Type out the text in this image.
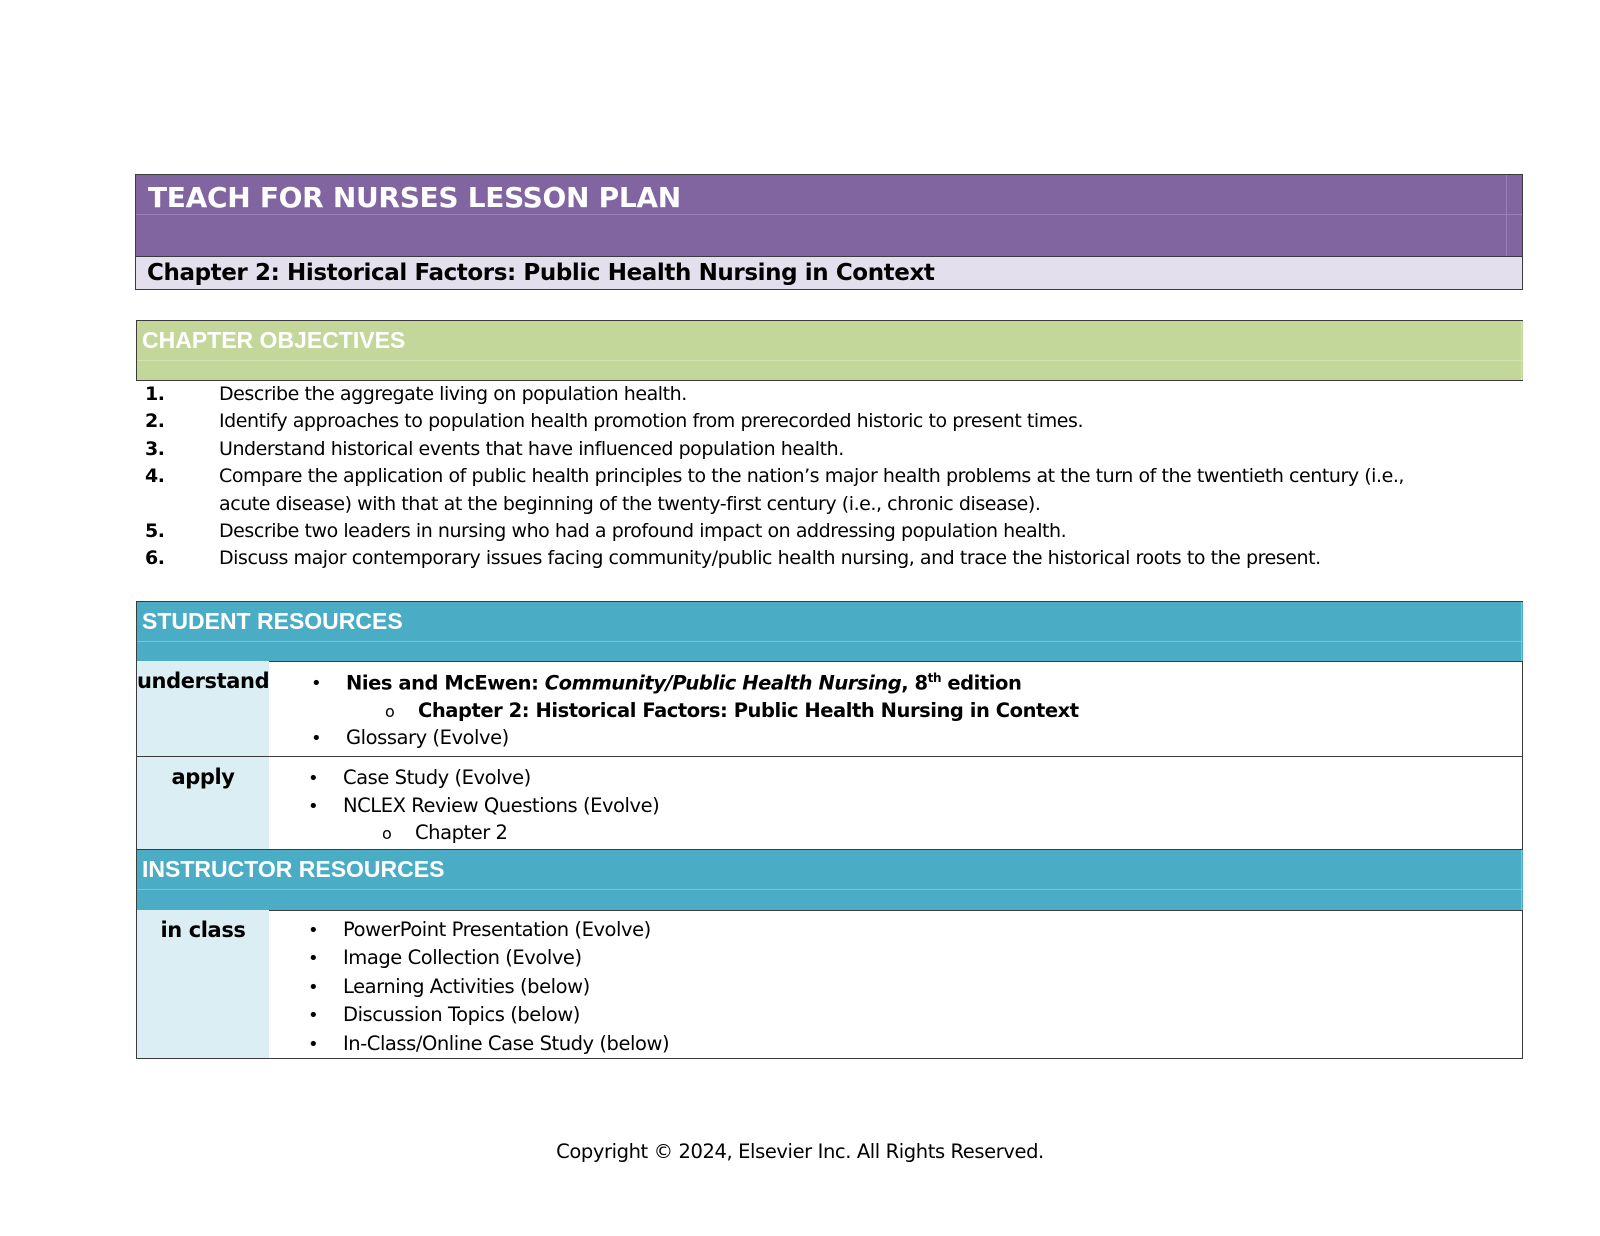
TEACH FOR NURSES LESSON PLAN
Chapter 2: Historical Factors: Public Health Nursing in Context
CHAPTER OBJECTIVES
1.	Describe the aggregate living on population health.
2.	Identify approaches to population health promotion from prerecorded historic to present times.
3.	Understand historical events that have influenced population health.
4.	Compare the application of public health principles to the nation’s major health problems at the turn of the twentieth century (i.e.,
acute disease) with that at the beginning of the twenty-first century (i.e., chronic disease).
5.	Describe two leaders in nursing who had a profound impact on addressing population health.
6.	Discuss major contemporary issues facing community/public health nursing, and trace the historical roots to the present.
STUDENT RESOURCES
understand • Nies and McEwen: Community/Public Health Nursing, 8th edition
o Chapter 2: Historical Factors: Public Health Nursing in Context
• Glossary (Evolve)
apply	• Case Study (Evolve)
• NCLEX Review Questions (Evolve)
o Chapter 2
INSTRUCTOR RESOURCES
in class	• PowerPoint Presentation (Evolve)
• Image Collection (Evolve)
• Learning Activities (below)
• Discussion Topics (below)
• In-Class/Online Case Study (below)
Copyright © 2024, Elsevier Inc. All Rights Reserved.
